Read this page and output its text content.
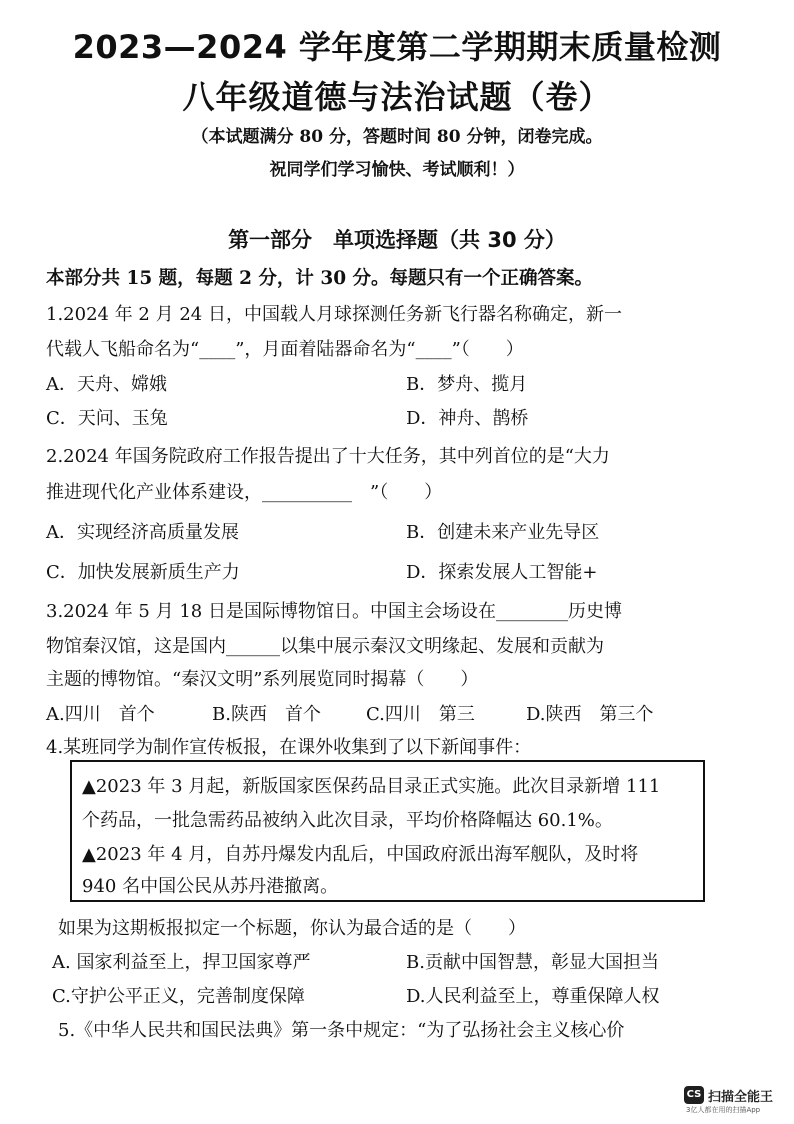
2023—2024 学年度第二学期期末质量检测
八年级道德与法治试题（卷）
（本试题满分 80 分，答题时间 80 分钟，闭卷完成。
祝同学们学习愉快、考试顺利！）
第一部分　单项选择题（共 30 分）
本部分共 15 题，每题 2 分，计 30 分。每题只有一个正确答案。
1.2024 年 2 月 24 日，中国载人月球探测任务新飞行器名称确定，新一
代载人飞船命名为“____”，月面着陆器命名为“____”（　　）
A．天舟、嫦娥	B．梦舟、揽月
C．天问、玉兔	D．神舟、鹊桥
2.2024 年国务院政府工作报告提出了十大任务，其中列首位的是“大力
推进现代化产业体系建设，__________　”（　　）
A．实现经济高质量发展	B．创建未来产业先导区
C．加快发展新质生产力	D．探索发展人工智能+
3.2024 年 5 月 18 日是国际博物馆日。中国主会场设在________历史博
物馆秦汉馆，这是国内______以集中展示秦汉文明缘起、发展和贡献为
主题的博物馆。“秦汉文明”系列展览同时揭幕（　　）
A.四川　首个	B.陕西　首个	C.四川　第三	D.陕西　第三个
4.某班同学为制作宣传板报，在课外收集到了以下新闻事件：
▲2023 年 3 月起，新版国家医保药品目录正式实施。此次目录新增 111
个药品，一批急需药品被纳入此次目录，平均价格降幅达 60.1%。
▲2023 年 4 月，自苏丹爆发内乱后，中国政府派出海军舰队，及时将
940 名中国公民从苏丹港撤离。
如果为这期板报拟定一个标题，你认为最合适的是（　　）
A. 国家利益至上，捍卫国家尊严	B.贡献中国智慧，彰显大国担当
C.守护公平正义，完善制度保障	D.人民利益至上，尊重保障人权
5.《中华人民共和国民法典》第一条中规定：“为了弘扬社会主义核心价
CS 扫描全能王
3亿人都在用的扫描App
